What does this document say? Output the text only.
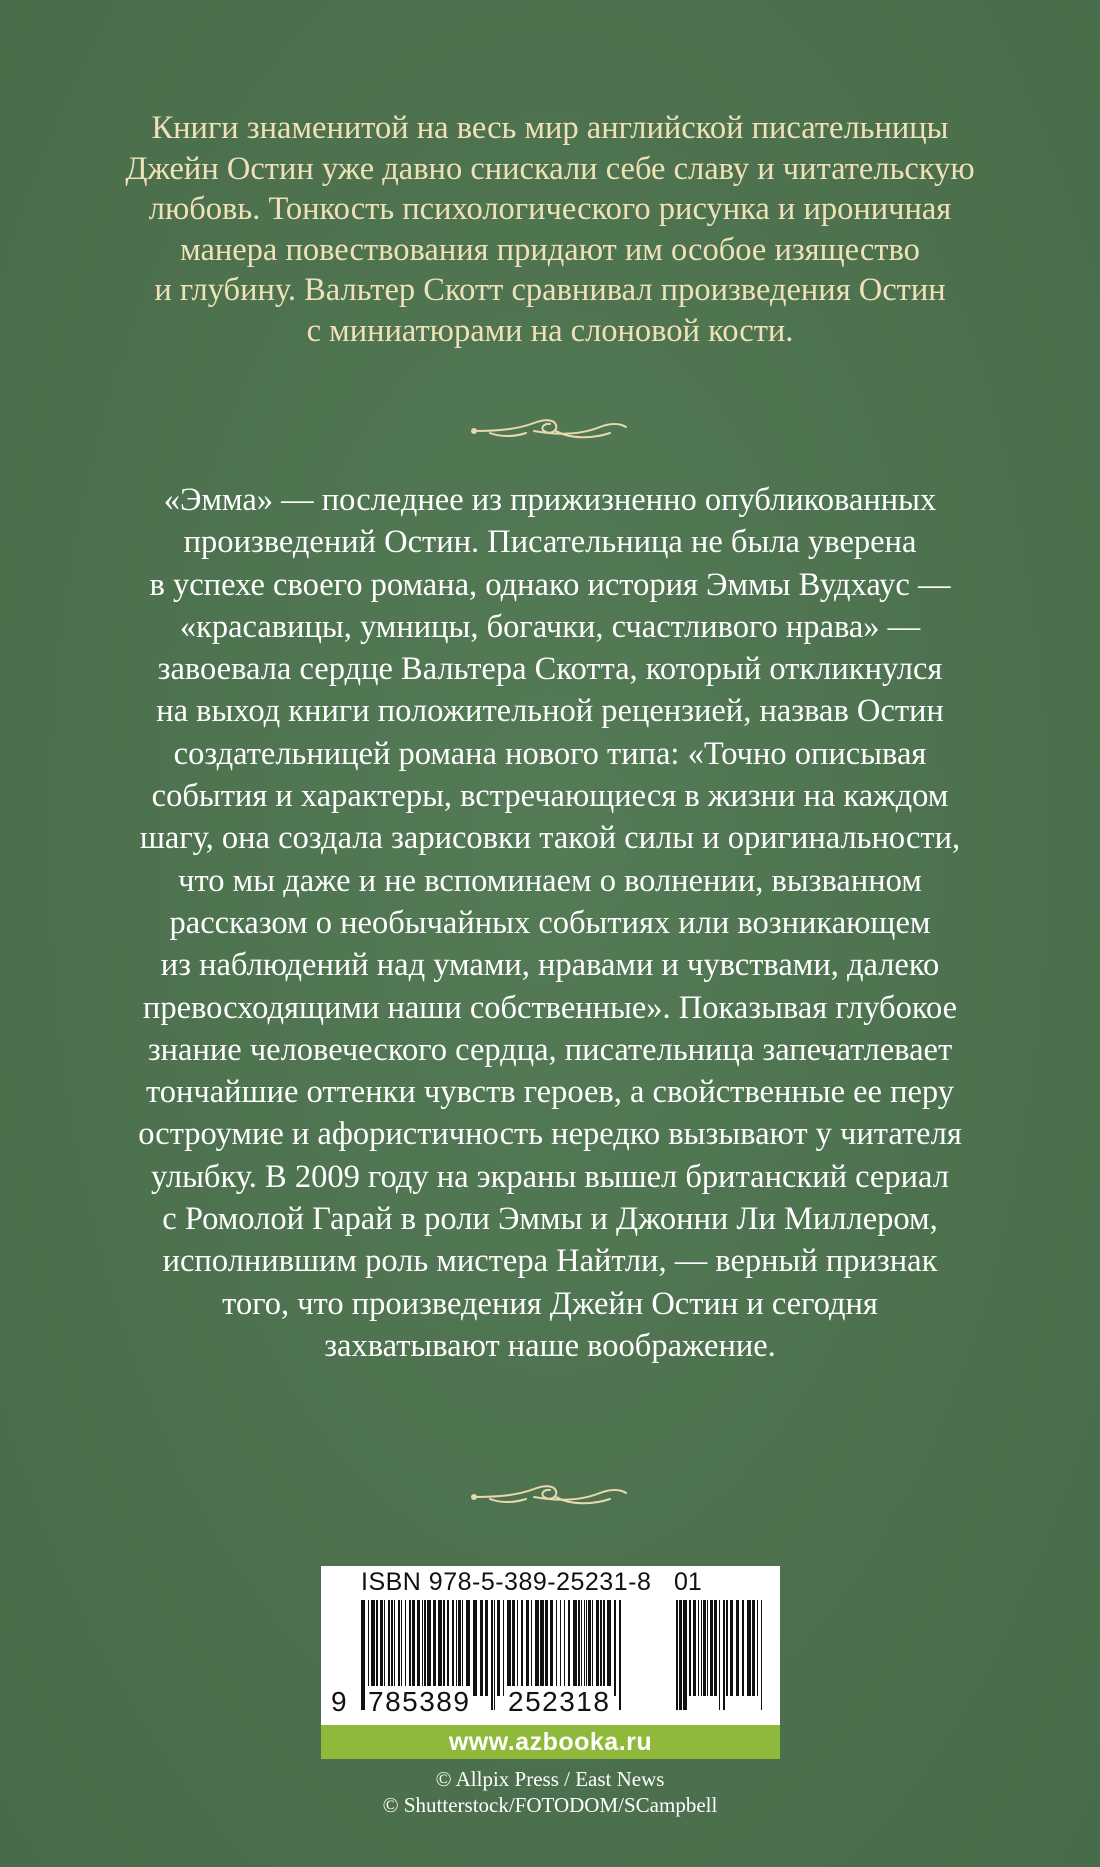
Книги знаменитой на весь мир английской писательницы
Джейн Остин уже давно снискали себе славу и читательскую
любовь. Тонкость психологического рисунка и ироничная
манера повествования придают им особое изящество
и глубину. Вальтер Скотт сравнивал произведения Остин
с миниатюрами на слоновой кости.
«Эмма» — последнее из прижизненно опубликованных
произведений Остин. Писательница не была уверена
в успехе своего романа, однако история Эммы Вудхаус —
«красавицы, умницы, богачки, счастливого нрава» —
завоевала сердце Вальтера Скотта, который откликнулся
на выход книги положительной рецензией, назвав Остин
создательницей романа нового типа: «Точно описывая
события и характеры, встречающиеся в жизни на каждом
шагу, она создала зарисовки такой силы и оригинальности,
что мы даже и не вспоминаем о волнении, вызванном
рассказом о необычайных событиях или возникающем
из наблюдений над умами, нравами и чувствами, далеко
превосходящими наши собственные». Показывая глубокое
знание человеческого сердца, писательница запечатлевает
тончайшие оттенки чувств героев, а свойственные ее перу
остроумие и афористичность нередко вызывают у читателя
улыбку. В 2009 году на экраны вышел британский сериал
с Ромолой Гарай в роли Эммы и Джонни Ли Миллером,
исполнившим роль мистера Найтли, — верный признак
того, что произведения Джейн Остин и сегодня
захватывают наше воображение.
ISBN 978-5-389-25231-8 01
9 785389 252318
www.azbooka.ru
© Allpix Press / East News
© Shutterstock/FOTODOM/SCampbell
